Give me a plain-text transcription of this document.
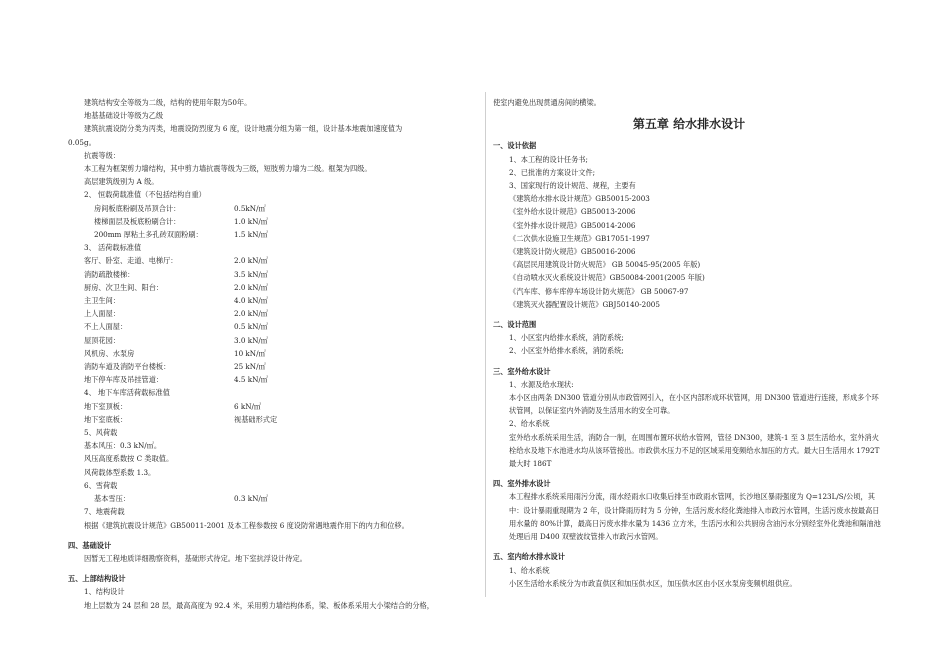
建筑结构安全等级为二级，结构的使用年限为50年。

地基基础设计等级为乙级

建筑抗震设防分类为丙类，地震设防烈度为 6 度，设计地震分组为第一组，设计基本地震加速度值为

0.05g。

抗震等级：

本工程为框架剪力墙结构，其中剪力墙抗震等级为三级，短肢剪力墙为二级。框架为四级。

高层建筑级别为 A 级。

2、 恒载荷载准值（不包括结构自重）

房间板底粉刷及吊顶合计：	0.5kN/㎡
楼梯面层及板底粉刷合计：	1.0 kN/㎡
200mm 厚粘土多孔砖双面粉刷：	1.5 kN/㎡

3、 活荷载标准值

客厅、卧室、走道、电梯厅：	2.0 kN/㎡
消防疏散楼梯：	3.5 kN/㎡
厨房、次卫生间、阳台：	2.0 kN/㎡
主卫生间：	4.0 kN/㎡
上人面屋：	2.0 kN/㎡
不上人面屋：	0.5 kN/㎡
屋顶花园：	3.0 kN/㎡
风机房、水泵房	10 kN/㎡
消防车道及消防平台楼板：	25 kN/㎡
地下停车库及吊挂管道：	4.5 kN/㎡

4、 地下车库活荷载标准值

地下室顶板：	6 kN/㎡
地下室底板：	视基础形式定

5、风荷载

基本风压：0.3 kN/㎡。

风压高度系数按 C 类取值。

风荷载体型系数 1.3。

6、雪荷载

基本雪压：	0.3 kN/㎡

7、地震荷载

根据《建筑抗震设计规范》GB50011-2001 及本工程参数按 6 度设防常遇地震作用下的内力和位移。

四、基础设计

因暂无工程地质详细勘察资料，基础形式待定。地下室抗浮设计待定。

五、上部结构设计

1、结构设计

地上层数为 24 层和 28 层，最高高度为 92.4 米，采用剪力墙结构体系，梁、板体系采用大小梁结合的分格，

使室内避免出现贯通房间的横梁。

第五章 给水排水设计

一、设计依据

1、本工程的设计任务书;

2、已批准的方案设计文件;

3、国家现行的设计规范、规程，主要有

《建筑给水排水设计规范》GB50015-2003

《室外给水设计规范》GB50013-2006

《室外排水设计规范》GB50014-2006

《二次供水设施卫生规范》GB17051-1997

《建筑设计防火规范》GB50016-2006

《高层民用建筑设计防火规范》 GB 50045-95(2005 年版)

《自动喷水灭火系统设计规范》GB50084-2001(2005 年版)

《汽车库、修车库停车场设计防火规范》 GB 50067-97

《建筑灭火器配置设计规范》GBJ50140-2005

二、设计范围

1、小区室内给排水系统，消防系统;

2、小区室外给排水系统，消防系统;

三、室外给水设计

1、水源及给水现状:

本小区由两条 DN300 管道分别从市政管网引入，在小区内部形成环状管网，用 DN300 管道进行连接，形成多个环状管网，以保证室内外消防及生活用水的安全可靠。

2、给水系统

室外给水系统采用生活，消防合一制，在周围布置环状给水管网，管径 DN300，建筑-1 至 3 层生活给水，室外消火栓给水及地下水池进水均从该环管接出。市政供水压力不足的区域采用变频给水加压的方式。最大日生活用水 1792T 最大时 186T

四、室外排水设计

本工程排水系统采用雨污分流，雨水经雨水口收集后排至市政雨水管网，长沙地区暴雨强度为 Q=123L/S/公顷，其中：设计暴雨重现期为 2 年，设计降雨历时为 5 分钟，生活污废水经化粪池排入市政污水管网，生活污废水按最高日用水量的 80%计算，最高日污废水排水量为 1436 立方米，生活污水和公共厨房含油污水分别经室外化粪池和隔油池处理后用 D400 双壁波纹管排入市政污水管网。

五、室内给水排水设计

1、给水系统

小区生活给水系统分为市政直供区和加压供水区，加压供水区由小区水泵房变频机组供应。
